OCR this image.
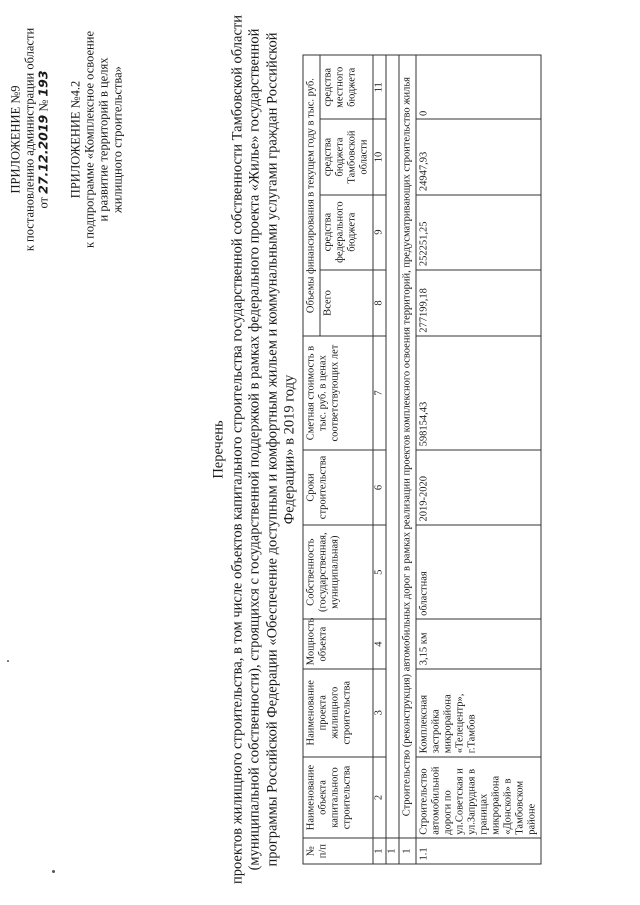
ПРИЛОЖЕНИЕ №9 к постановлению администрации области от 27.12.2019 № 193 ПРИЛОЖЕНИЕ №4.2 к подпрограмме «Комплексное освоение и развитие территорий в целях жилищного строительства»
Перечень проектов жилищного строительства, в том числе объектов капитального строительства государственной собственности Тамбовской области (муниципальной собственности), строящихся с государственной поддержкой в рамках федерального проекта «Жилье» государственной программы Российской Федерации «Обеспечение доступным и комфортным жильем и коммунальными услугами граждан Российской Федерации» в 2019 году
№ п/п	Наименование объекта капитального строительства	Наименование проекта жилищного строительства	Мощность объекта	Собственность (государственная, муниципальная)	Сроки строительства	Сметная стоимость в тыс. руб. в ценах соответствующих лет	Объемы финансирования в текущем году в тыс. руб.			
							Всего	средства федерального бюджета	средства бюджета Тамбовской области	средства местного бюджета
1	2	3	4	5	6	7	8	9	10	11
1										
1	Строительство (реконструкция) автомобильных дорог в рамках реализации проектов комплексного освоения территорий, предусматривающих строительство жилья									
1.1	Строительство автомобильной дороги по ул.Советская и ул.Запрудная в границах микрорайона «Донской» в Тамбовском районе	Комплексная застройка микрорайона «Телецентр», г.Тамбов	3,15 км	областная	2019-2020	598154,43	277199,18	252251,25	24947,93	0
